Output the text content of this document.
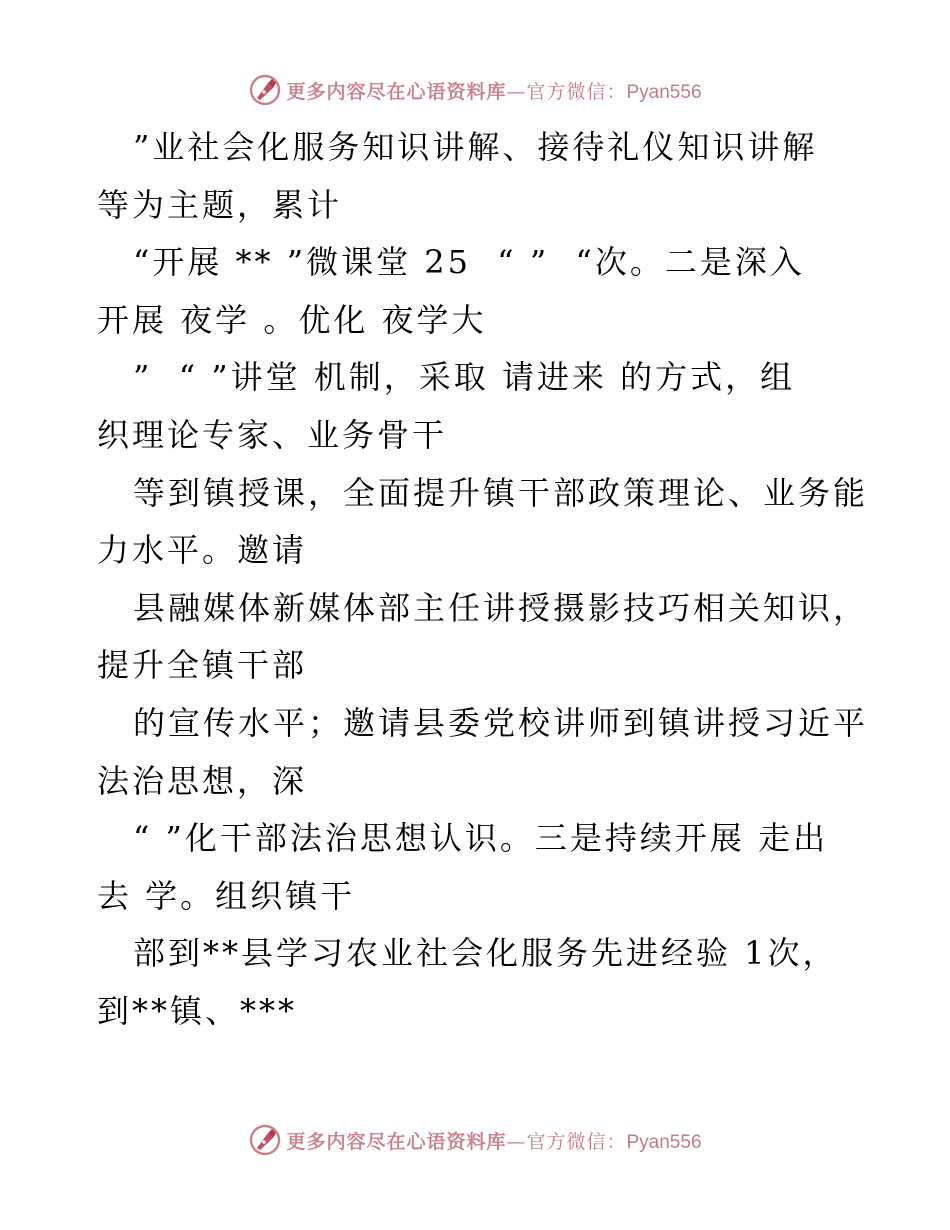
更多内容尽在心语资料库—官方微信：Pyan556
”业社会化服务知识讲解、接待礼仪知识讲解
等为主题，累计
“开展 ** ”微课堂 25  “ ”  “次。二是深入
开展 夜学 。优化 夜学大
”  “ ”讲堂 机制，采取 请进来 的方式，组
织理论专家、业务骨干
等到镇授课，全面提升镇干部政策理论、业务能
力水平。邀请
县融媒体新媒体部主任讲授摄影技巧相关知识，
提升全镇干部
的宣传水平；邀请县委党校讲师到镇讲授习近平
法治思想，深
“ ”化干部法治思想认识。三是持续开展 走出
去 学。组织镇干
部到**县学习农业社会化服务先进经验 1次，
到**镇、***
更多内容尽在心语资料库—官方微信：Pyan556
